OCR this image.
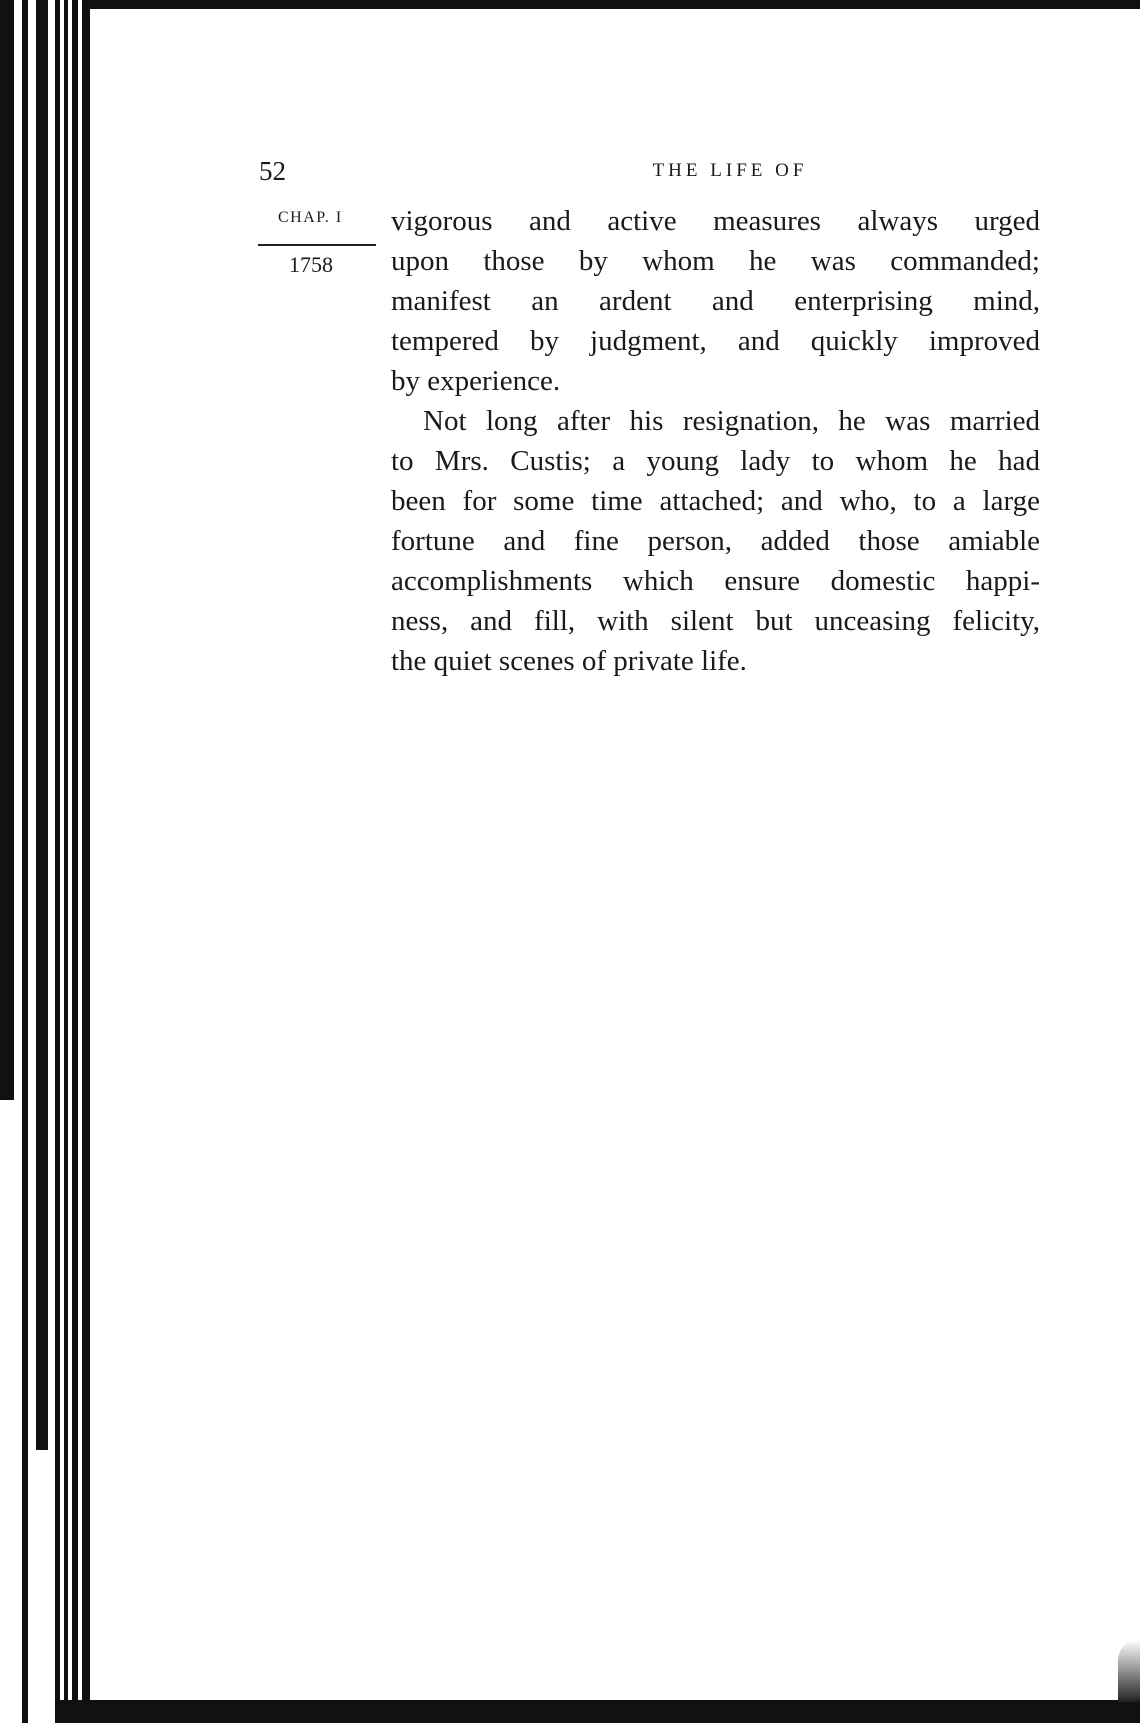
52	THE LIFE OF
CHAP. I
1758

vigorous and active measures always urged

upon those by whom he was commanded;

manifest an ardent and enterprising mind,

tempered by judgment, and quickly improved

by experience.

Not long after his resignation, he was married

to Mrs. Custis; a young lady to whom he had

been for some time attached; and who, to a large

fortune and fine person, added those amiable

accomplishments which ensure domestic happi-

ness, and fill, with silent but unceasing felicity,

the quiet scenes of private life.
